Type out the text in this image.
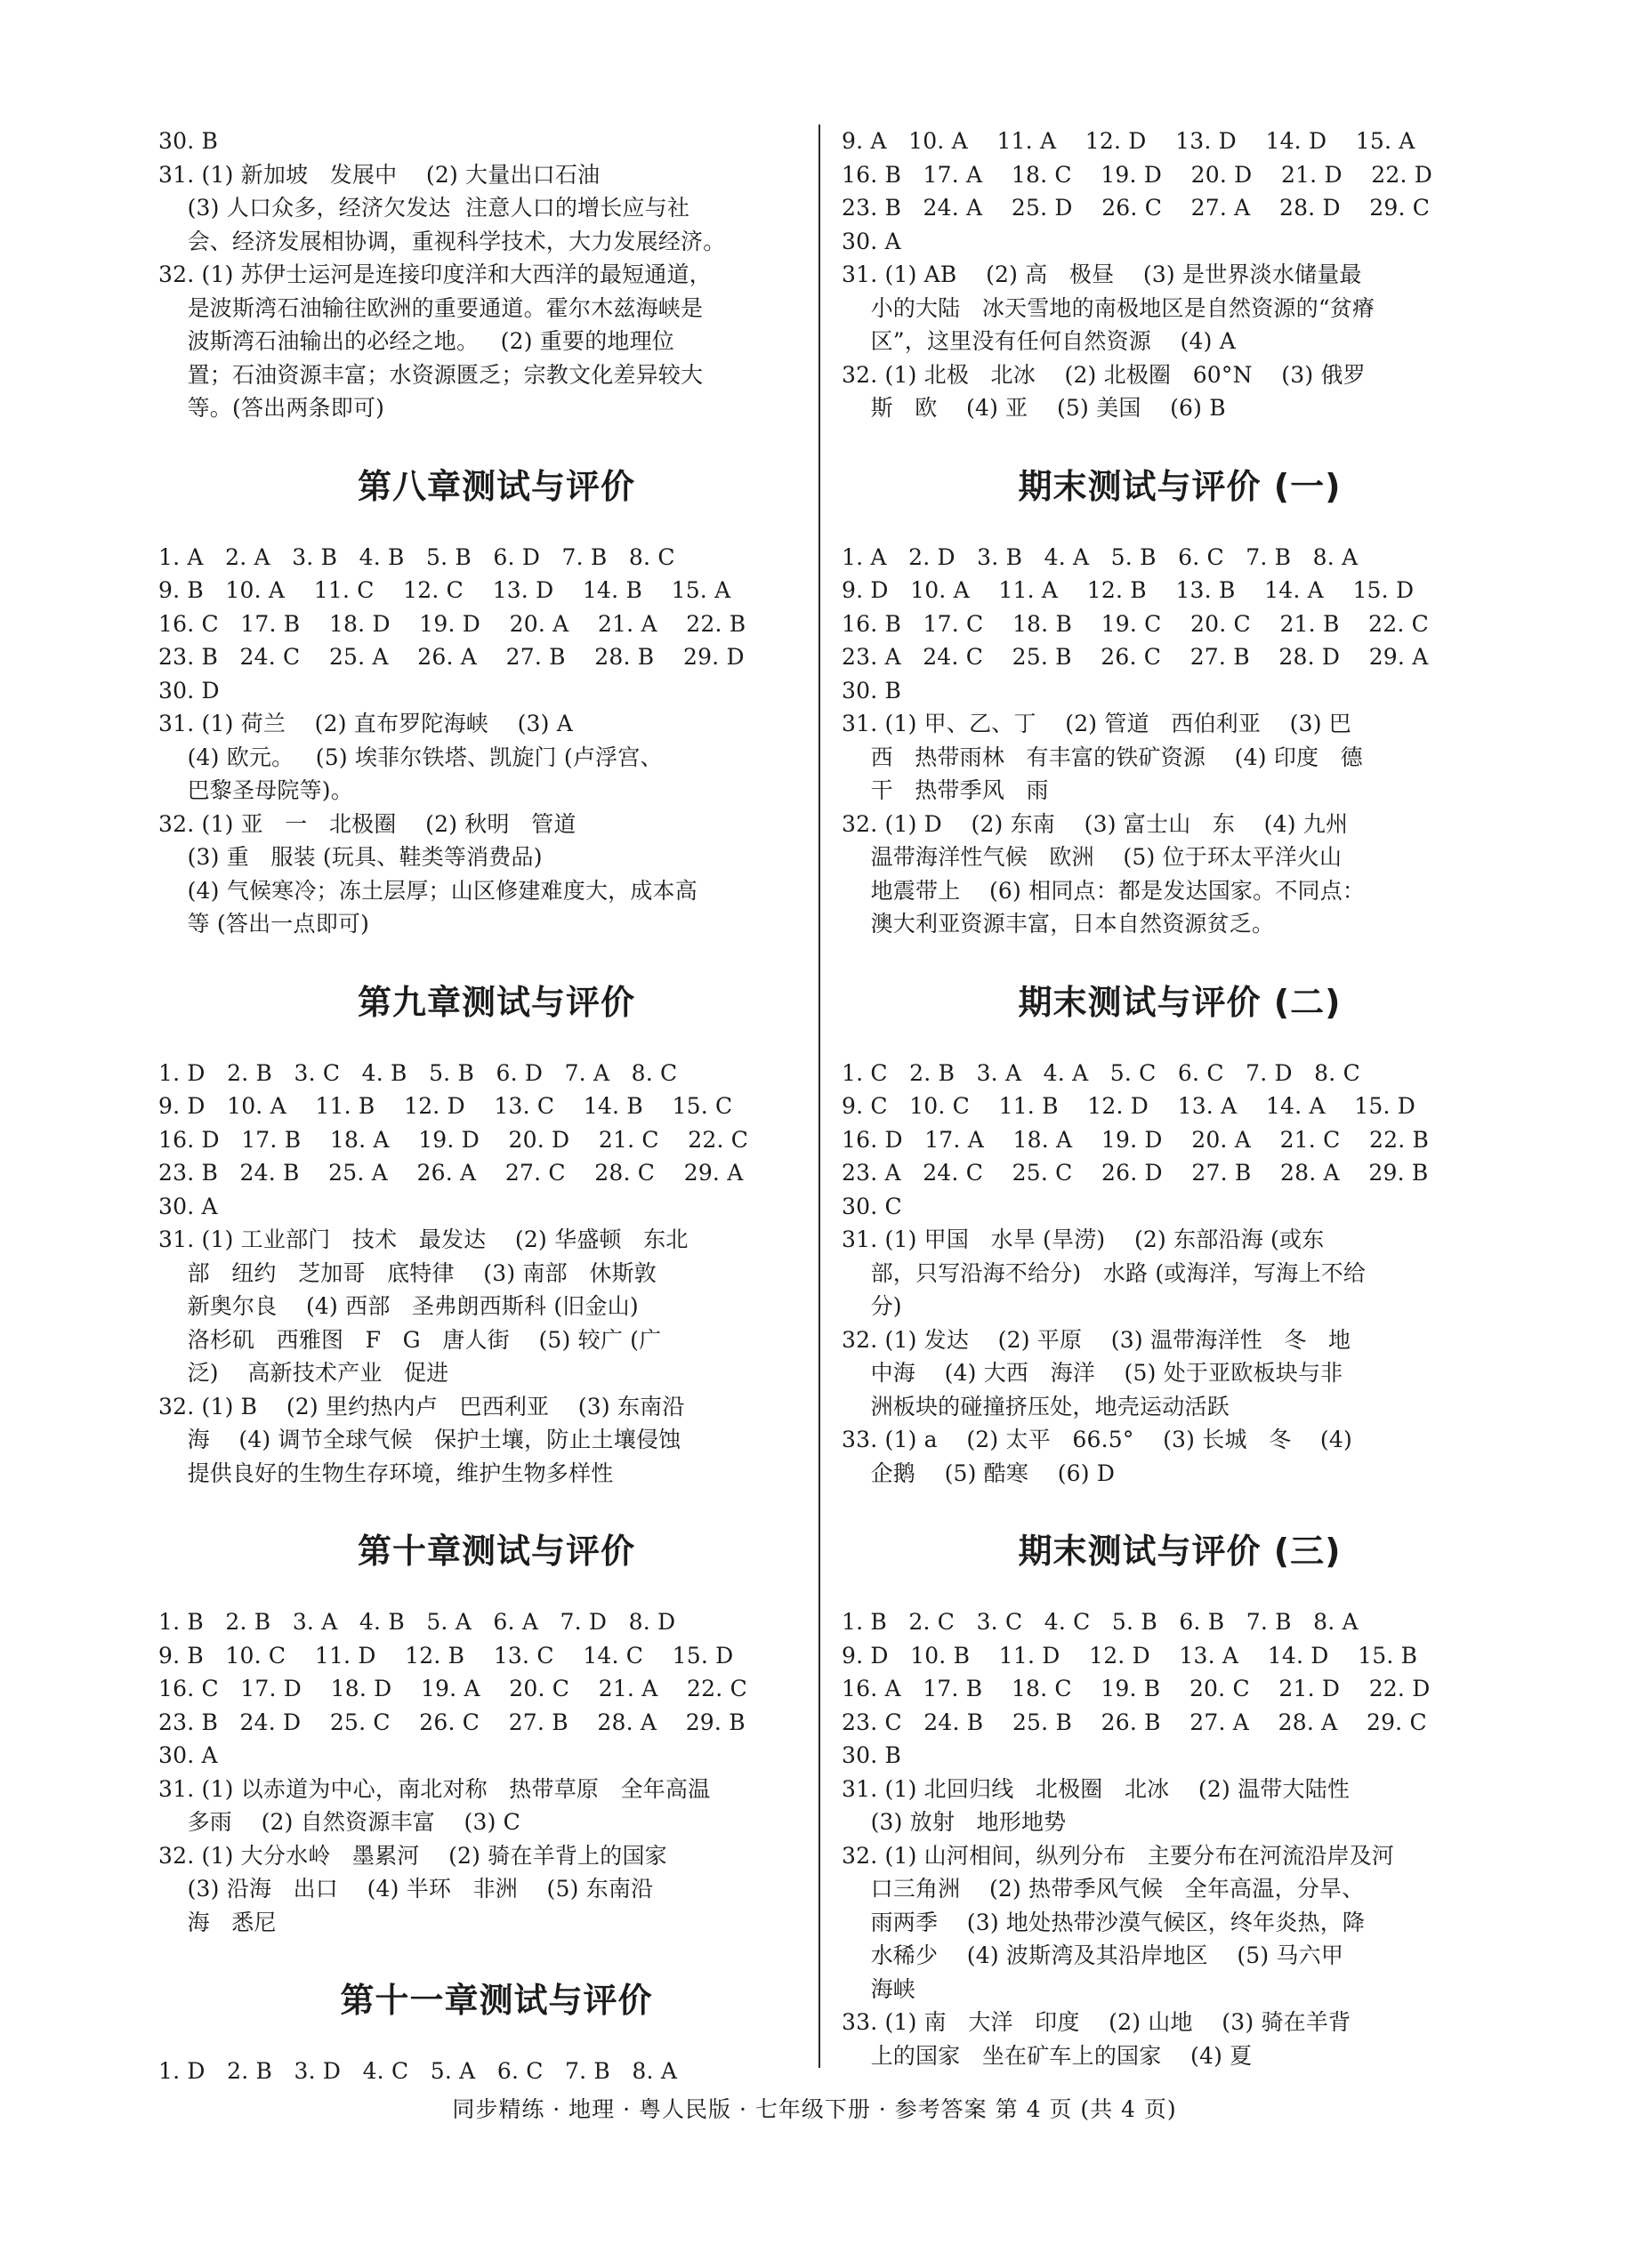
30. B
31. (1) 新加坡   发展中    (2) 大量出口石油
(3) 人口众多，经济欠发达  注意人口的增长应与社
会、经济发展相协调，重视科学技术，大力发展经济。
32. (1) 苏伊士运河是连接印度洋和大西洋的最短通道，
是波斯湾石油输往欧洲的重要通道。霍尔木兹海峡是
波斯湾石油输出的必经之地。   (2) 重要的地理位
置；石油资源丰富；水资源匮乏；宗教文化差异较大
等。(答出两条即可)
第八章测试与评价
1. A   2. A   3. B   4. B   5. B   6. D   7. B   8. C
9. B   10. A    11. C    12. C    13. D    14. B    15. A
16. C   17. B    18. D    19. D    20. A    21. A    22. B
23. B   24. C    25. A    26. A    27. B    28. B    29. D
30. D
31. (1) 荷兰    (2) 直布罗陀海峡    (3) A
(4) 欧元。   (5) 埃菲尔铁塔、凯旋门 (卢浮宫、
巴黎圣母院等)。
32. (1) 亚   一   北极圈    (2) 秋明   管道
(3) 重   服装 (玩具、鞋类等消费品)
(4) 气候寒冷；冻土层厚；山区修建难度大，成本高
等 (答出一点即可)
第九章测试与评价
1. D   2. B   3. C   4. B   5. B   6. D   7. A   8. C
9. D   10. A    11. B    12. D    13. C    14. B    15. C
16. D   17. B    18. A    19. D    20. D    21. C    22. C
23. B   24. B    25. A    26. A    27. C    28. C    29. A
30. A
31. (1) 工业部门   技术   最发达    (2) 华盛顿   东北
部   纽约   芝加哥   底特律    (3) 南部   休斯敦
新奥尔良    (4) 西部   圣弗朗西斯科 (旧金山)
洛杉矶   西雅图   F   G   唐人街    (5) 较广 (广
泛)    高新技术产业   促进
32. (1) B    (2) 里约热内卢   巴西利亚    (3) 东南沿
海    (4) 调节全球气候   保护土壤，防止土壤侵蚀
提供良好的生物生存环境，维护生物多样性
第十章测试与评价
1. B   2. B   3. A   4. B   5. A   6. A   7. D   8. D
9. B   10. C    11. D    12. B    13. C    14. C    15. D
16. C   17. D    18. D    19. A    20. C    21. A    22. C
23. B   24. D    25. C    26. C    27. B    28. A    29. B
30. A
31. (1) 以赤道为中心，南北对称   热带草原   全年高温
多雨    (2) 自然资源丰富    (3) C
32. (1) 大分水岭   墨累河    (2) 骑在羊背上的国家
(3) 沿海   出口    (4) 半环   非洲    (5) 东南沿
海   悉尼
第十一章测试与评价
1. D   2. B   3. D   4. C   5. A   6. C   7. B   8. A
9. A   10. A    11. A    12. D    13. D    14. D    15. A
16. B   17. A    18. C    19. D    20. D    21. D    22. D
23. B   24. A    25. D    26. C    27. A    28. D    29. C
30. A
31. (1) AB    (2) 高   极昼    (3) 是世界淡水储量最
小的大陆   冰天雪地的南极地区是自然资源的“贫瘠
区”，这里没有任何自然资源    (4) A
32. (1) 北极   北冰    (2) 北极圈   60°N    (3) 俄罗
斯   欧    (4) 亚    (5) 美国    (6) B
期末测试与评价 (一)
1. A   2. D   3. B   4. A   5. B   6. C   7. B   8. A
9. D   10. A    11. A    12. B    13. B    14. A    15. D
16. B   17. C    18. B    19. C    20. C    21. B    22. C
23. A   24. C    25. B    26. C    27. B    28. D    29. A
30. B
31. (1) 甲、乙、丁    (2) 管道   西伯利亚    (3) 巴
西   热带雨林   有丰富的铁矿资源    (4) 印度   德
干   热带季风   雨
32. (1) D    (2) 东南    (3) 富士山   东    (4) 九州
温带海洋性气候   欧洲    (5) 位于环太平洋火山
地震带上    (6) 相同点：都是发达国家。不同点：
澳大利亚资源丰富，日本自然资源贫乏。
期末测试与评价 (二)
1. C   2. B   3. A   4. A   5. C   6. C   7. D   8. C
9. C   10. C    11. B    12. D    13. A    14. A    15. D
16. D   17. A    18. A    19. D    20. A    21. C    22. B
23. A   24. C    25. C    26. D    27. B    28. A    29. B
30. C
31. (1) 甲国   水旱 (旱涝)    (2) 东部沿海 (或东
部，只写沿海不给分)   水路 (或海洋，写海上不给
分)
32. (1) 发达    (2) 平原    (3) 温带海洋性   冬   地
中海    (4) 大西   海洋    (5) 处于亚欧板块与非
洲板块的碰撞挤压处，地壳运动活跃
33. (1) a    (2) 太平   66.5°    (3) 长城   冬    (4)
企鹅    (5) 酷寒    (6) D
期末测试与评价 (三)
1. B   2. C   3. C   4. C   5. B   6. B   7. B   8. A
9. D   10. B    11. D    12. D    13. A    14. D    15. B
16. A   17. B    18. C    19. B    20. C    21. D    22. D
23. C   24. B    25. B    26. B    27. A    28. A    29. C
30. B
31. (1) 北回归线   北极圈   北冰    (2) 温带大陆性
(3) 放射   地形地势
32. (1) 山河相间，纵列分布   主要分布在河流沿岸及河
口三角洲    (2) 热带季风气候   全年高温，分旱、
雨两季    (3) 地处热带沙漠气候区，终年炎热，降
水稀少    (4) 波斯湾及其沿岸地区    (5) 马六甲
海峡
33. (1) 南   大洋   印度    (2) 山地    (3) 骑在羊背
上的国家   坐在矿车上的国家    (4) 夏
同步精练 · 地理 · 粤人民版 · 七年级下册 · 参考答案 第 4 页 (共 4 页)
